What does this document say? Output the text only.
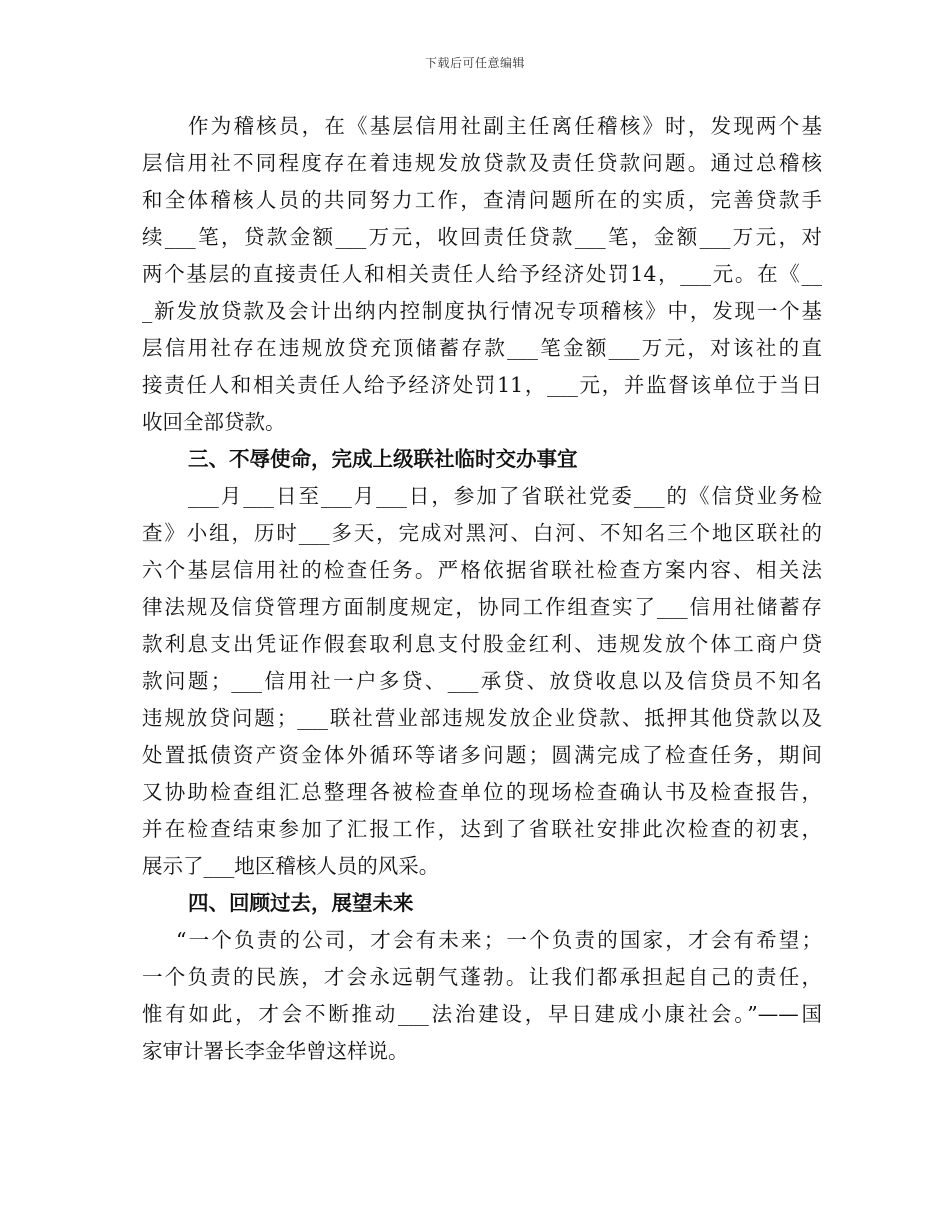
下载后可任意编辑
作为稽核员，在《基层信用社副主任离任稽核》时，发现两个基
层信用社不同程度存在着违规发放贷款及责任贷款问题。通过总稽核
和全体稽核人员的共同努力工作，查清问题所在的实质，完善贷款手
续___笔，贷款金额___万元，收回责任贷款___笔，金额___万元，对
两个基层的直接责任人和相关责任人给予经济处罚14，___元。在《__
_新发放贷款及会计出纳内控制度执行情况专项稽核》中，发现一个基
层信用社存在违规放贷充顶储蓄存款___笔金额___万元，对该社的直
接责任人和相关责任人给予经济处罚11，___元，并监督该单位于当日
收回全部贷款。
三、不辱使命，完成上级联社临时交办事宜
___月___日至___月___日，参加了省联社党委___的《信贷业务检
查》小组，历时___多天，完成对黑河、白河、不知名三个地区联社的
六个基层信用社的检查任务。严格依据省联社检查方案内容、相关法
律法规及信贷管理方面制度规定，协同工作组查实了___信用社储蓄存
款利息支出凭证作假套取利息支付股金红利、违规发放个体工商户贷
款问题；___信用社一户多贷、___承贷、放贷收息以及信贷员不知名
违规放贷问题；___联社营业部违规发放企业贷款、抵押其他贷款以及
处置抵债资产资金体外循环等诸多问题；圆满完成了检查任务，期间
又协助检查组汇总整理各被检查单位的现场检查确认书及检查报告，
并在检查结束参加了汇报工作，达到了省联社安排此次检查的初衷，
展示了___地区稽核人员的风采。
四、回顾过去，展望未来
“一个负责的公司，才会有未来；一个负责的国家，才会有希望；
一个负责的民族，才会永远朝气蓬勃。让我们都承担起自己的责任，
惟有如此，才会不断推动___法治建设，早日建成小康社会。”——国
家审计署长李金华曾这样说。
